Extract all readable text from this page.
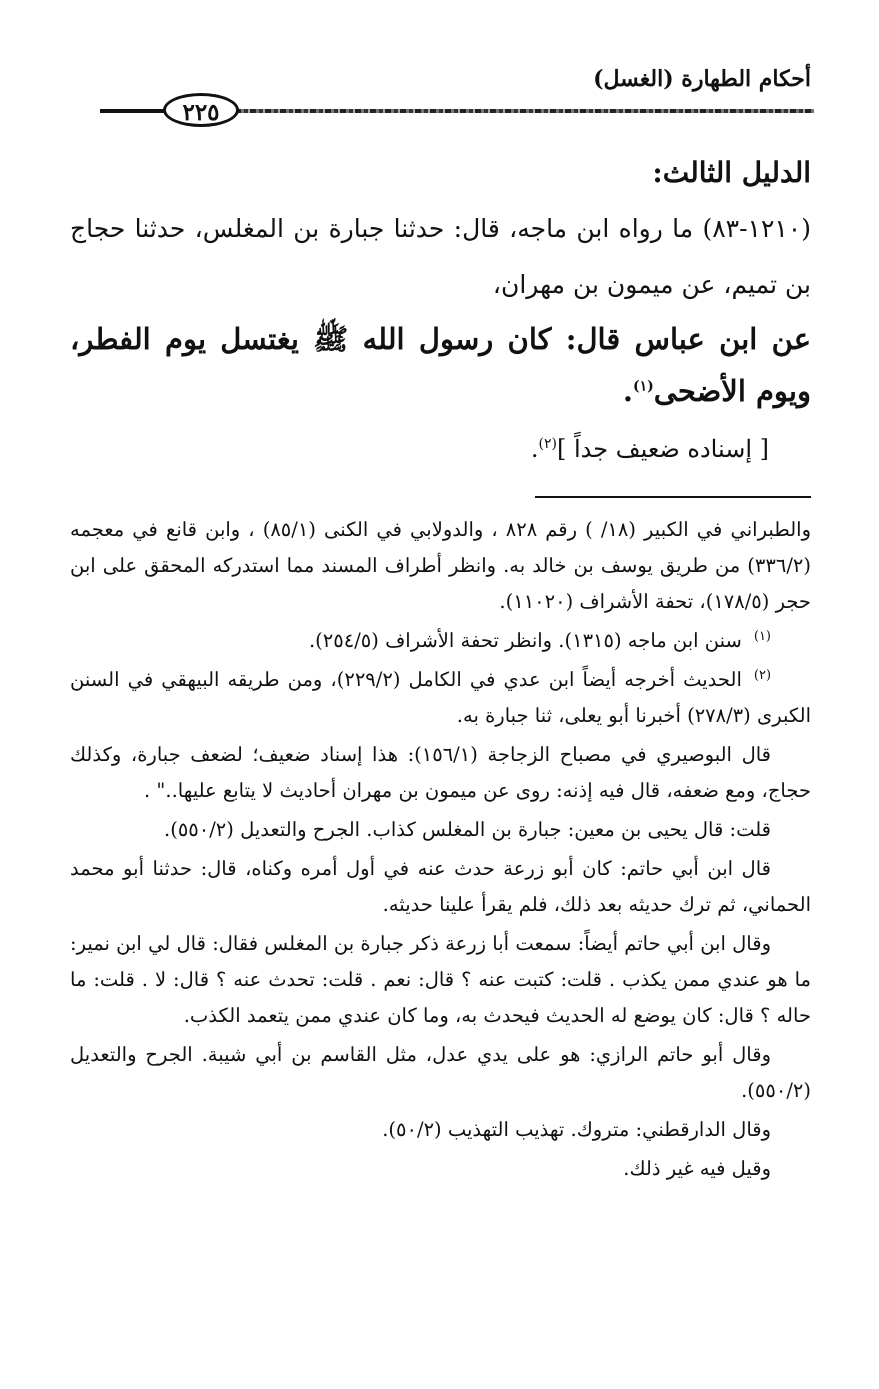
أحكام الطهارة (الغسل)
٢٢٥

الدليل الثالث:

(١٢١٠-٨٣) ما رواه ابن ماجه، قال: حدثنا جبارة بن المغلس، حدثنا حجاج بن تميم، عن ميمون بن مهران،

عن ابن عباس قال: كان رسول الله ﷺ يغتسل يوم الفطر، ويوم الأضحى$^{(١)}$.

[ إسناده ضعيف جداً ]$^{(٢)}$.

والطبراني في الكبير (١٨/ ) رقم ٨٢٨ ، والدولابي في الكنى (٨٥/١) ، وابن قانع في معجمه (٣٣٦/٢) من طريق يوسف بن خالد به. وانظر أطراف المسند مما استدركه المحقق على ابن حجر (١٧٨/٥)، تحفة الأشراف (١١٠٢٠).

$^{(١)}$سنن ابن ماجه (١٣١٥). وانظر تحفة الأشراف (٢٥٤/٥).

$^{(٢)}$الحديث أخرجه أيضاً ابن عدي في الكامل (٢٢٩/٢)، ومن طريقه البيهقي في السنن الكبرى (٢٧٨/٣) أخبرنا أبو يعلى، ثنا جبارة به.

قال البوصيري في مصباح الزجاجة (١٥٦/١): هذا إسناد ضعيف؛ لضعف جبارة، وكذلك حجاج، ومع ضعفه، قال فيه إذنه: روى عن ميمون بن مهران أحاديث لا يتابع عليها.." .

قلت: قال يحيى بن معين: جبارة بن المغلس كذاب. الجرح والتعديل (٥٥٠/٢).

قال ابن أبي حاتم: كان أبو زرعة حدث عنه في أول أمره وكناه، قال: حدثنا أبو محمد الحماني، ثم ترك حديثه بعد ذلك، فلم يقرأ علينا حديثه.

وقال ابن أبي حاتم أيضاً: سمعت أبا زرعة ذكر جبارة بن المغلس فقال: قال لي ابن نمير: ما هو عندي ممن يكذب . قلت: كتبت عنه ؟ قال: نعم . قلت: تحدث عنه ؟ قال: لا . قلت: ما حاله ؟ قال: كان يوضع له الحديث فيحدث به، وما كان عندي ممن يتعمد الكذب.

وقال أبو حاتم الرازي: هو على يدي عدل، مثل القاسم بن أبي شيبة. الجرح والتعديل (٥٥٠/٢).

وقال الدارقطني: متروك. تهذيب التهذيب (٥٠/٢).

وقيل فيه غير ذلك.
